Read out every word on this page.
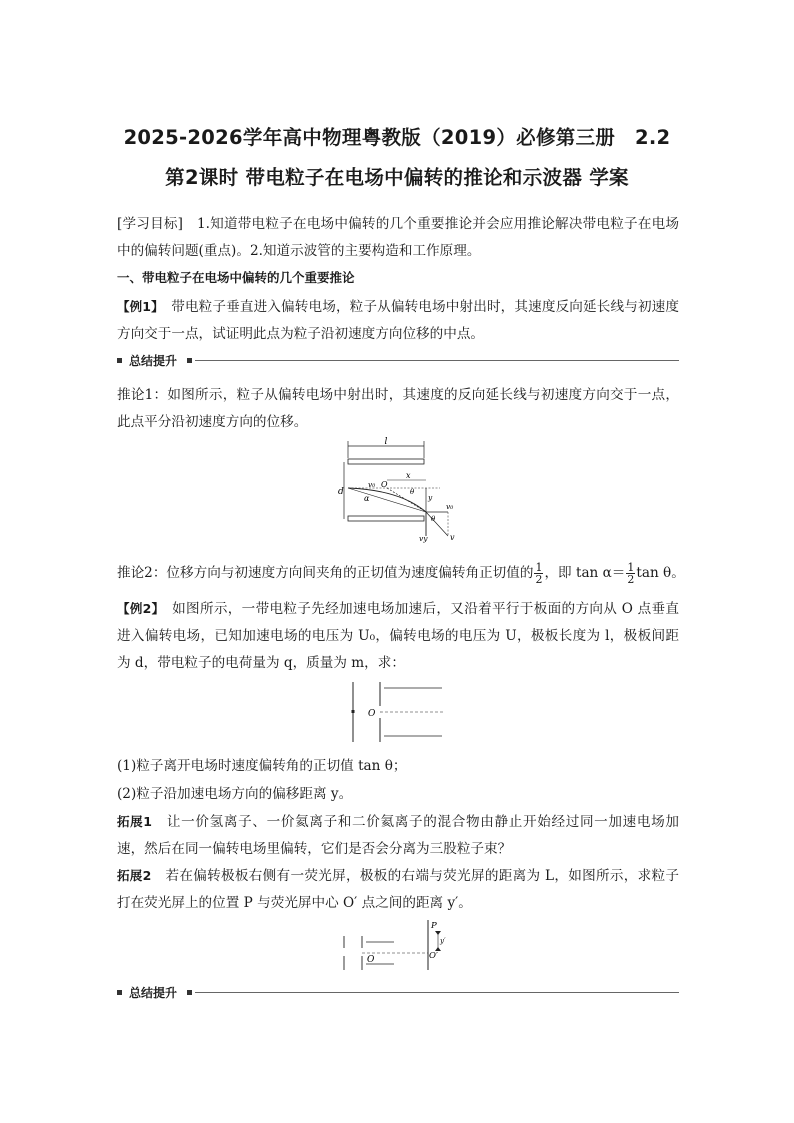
2025-2026学年高中物理粤教版（2019）必修第三册　2.2
第2课时 带电粒子在电场中偏转的推论和示波器 学案
[学习目标]　1.知道带电粒子在电场中偏转的几个重要推论并会应用推论解决带电粒子在电场中的偏转问题(重点)。2.知道示波管的主要构造和工作原理。
一、带电粒子在电场中偏转的几个重要推论
【例1】　带电粒子垂直进入偏转电场，粒子从偏转电场中射出时，其速度反向延长线与初速度方向交于一点，试证明此点为粒子沿初速度方向位移的中点。
总结提升
推论1：如图所示，粒子从偏转电场中射出时，其速度的反向延长线与初速度方向交于一点，此点平分沿初速度方向的位移。
l
d
x
v₀ O
θ
y
α
v₀
vy	v
θ
推论2：位移方向与初速度方向间夹角的正切值为速度偏转角正切值的 $\frac{1}{2}$ ，即 $\tan \alpha= \frac{1}{2}$ tan θ。
【例2】　如图所示，一带电粒子先经加速电场加速后，又沿着平行于板面的方向从 O 点垂直进入偏转电场，已知加速电场的电压为 U₀，偏转电场的电压为 U，极板长度为 l，极板间距为 d，带电粒子的电荷量为 q，质量为 m，求：
O
(1)粒子离开电场时速度偏转角的正切值 tan θ；
(2)粒子沿加速电场方向的偏移距离 y。
拓展1　让一价氢离子、一价氦离子和二价氦离子的混合物由静止开始经过同一加速电场加速，然后在同一偏转电场里偏转，它们是否会分离为三股粒子束？
拓展2　若在偏转极板右侧有一荧光屏，极板的右端与荧光屏的距离为 L，如图所示，求粒子打在荧光屏上的位置 P 与荧光屏中心 O′ 点之间的距离 y′。
O
P
y′
O′
总结提升
